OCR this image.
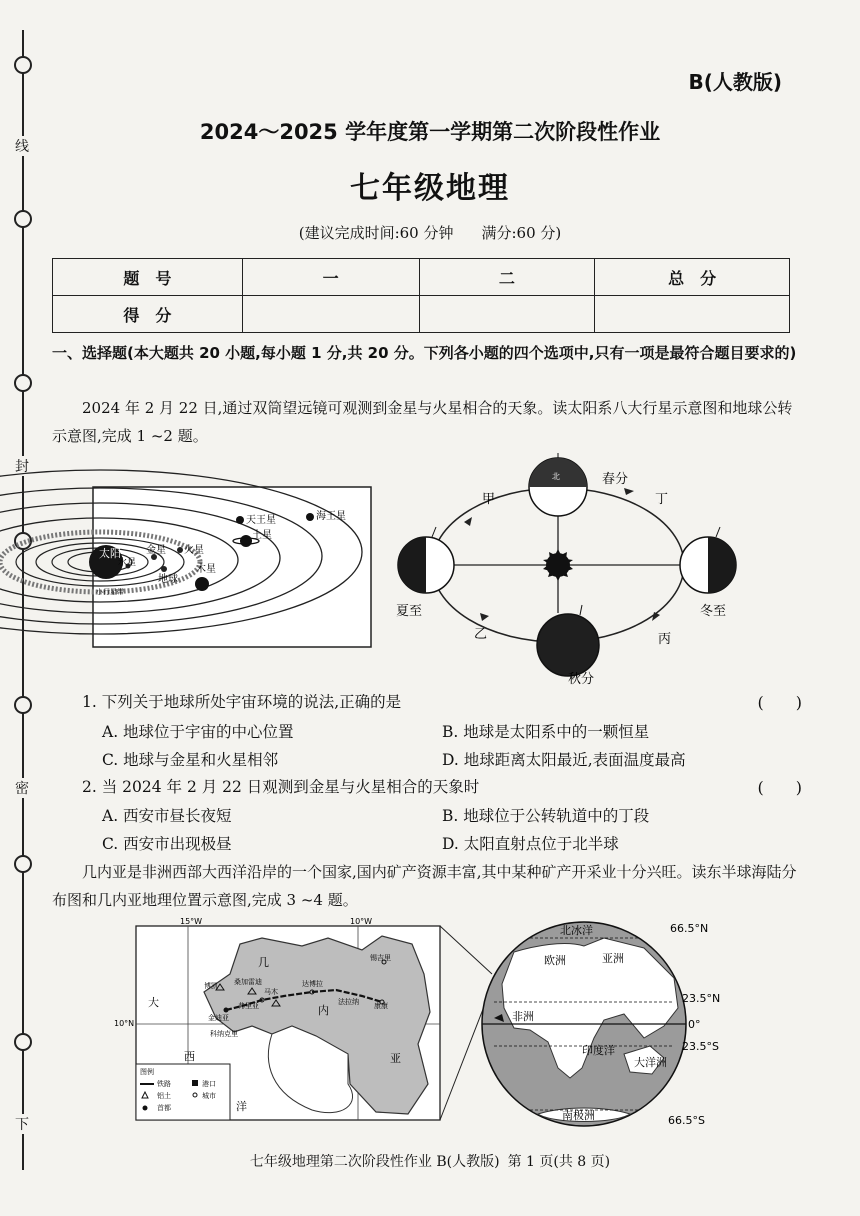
线
封
密
下
B(人教版)
2024～2025 学年度第一学期第二次阶段性作业
七年级地理
(建议完成时间:60 分钟 满分:60 分)
题　号	一	二	总　分
得　分			
一、选择题(本大题共 20 小题,每小题 1 分,共 20 分。下列各小题的四个选项中,只有一项是最符合题目要求的)
2024 年 2 月 22 日,通过双筒望远镜可观测到金星与火星相合的天象。读太阳系八大行星示意图和地球公转示意图,完成 1 ~2 题。
太阳
水星
金星
地球
火星
小行星带
木星
土星
天王星	海王星
北	春分
夏至	冬至
秋分
甲	丁
乙	丙
1. 下列关于地球所处宇宙环境的说法,正确的是	(　　)
A. 地球位于宇宙的中心位置	B. 地球是太阳系中的一颗恒星
C. 地球与金星和火星相邻	D. 地球距离太阳最近,表面温度最高
2. 当 2024 年 2 月 22 日观测到金星与火星相合的天象时	(　　)
A. 西安市昼长夜短	B. 地球位于公转轨道中的丁段
C. 西安市出现极昼	D. 太阳直射点位于北半球
几内亚是非洲西部大西洋沿岸的一个国家,国内矿产资源丰富,其中某种矿产开采业十分兴旺。读东半球海陆分布图和几内亚地理位置示意图,完成 3 ~4 题。
15°W	10°W
10°N
大
西
洋
几
内
亚
博凯 桑加雷迪
科纳克里
弗里亚
金迪亚
马木
达博拉
康康
锡吉里
法拉纳
图例
铁路	港口
铝土	城市
首都
北冰洋
欧洲	亚洲
非洲
印度洋
大洋洲
南极洲
66.5°N
23.5°N
0°
23.5°S
66.5°S
七年级地理第二次阶段性作业 B(人教版) 第 1 页(共 8 页)
